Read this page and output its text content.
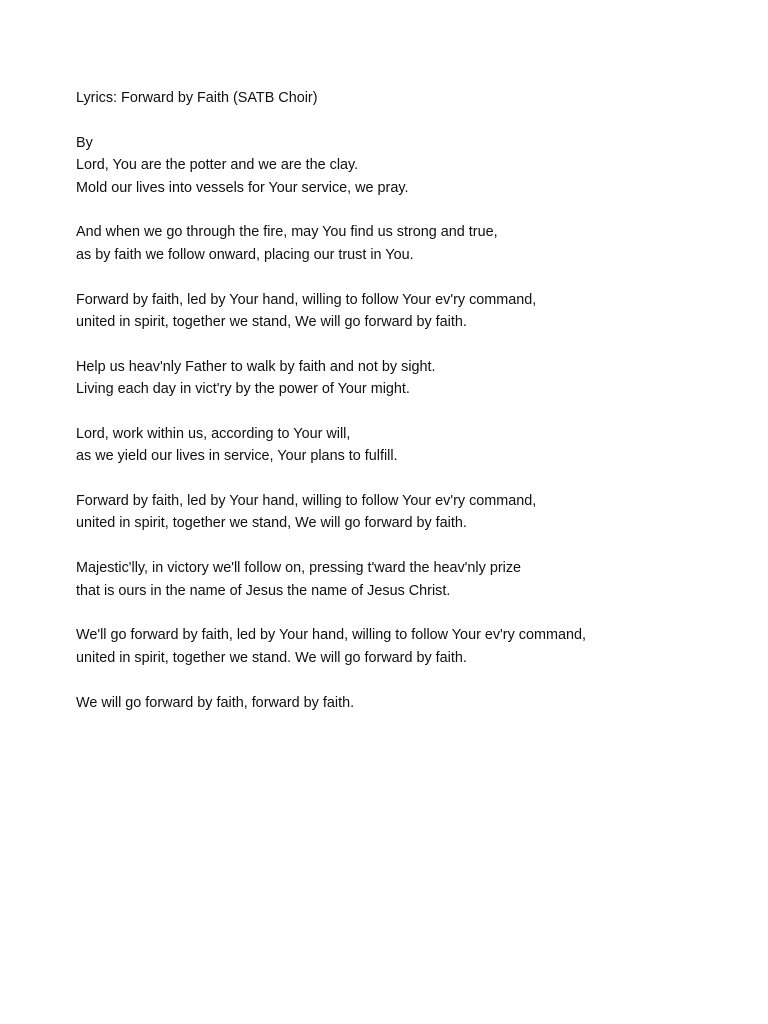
Lyrics: Forward by Faith (SATB Choir)
By
Lord, You are the potter and we are the clay.
Mold our lives into vessels for Your service, we pray.
And when we go through the fire, may You find us strong and true,
as by faith we follow onward, placing our trust in You.
Forward by faith, led by Your hand, willing to follow Your ev'ry command,
united in spirit, together we stand, We will go forward by faith.
Help us heav'nly Father to walk by faith and not by sight.
Living each day in vict'ry by the power of Your might.
Lord, work within us, according to Your will,
as we yield our lives in service, Your plans to fulfill.
Forward by faith, led by Your hand, willing to follow Your ev'ry command,
united in spirit, together we stand, We will go forward by faith.
Majestic'lly, in victory we'll follow on, pressing t'ward the heav'nly prize
that is ours in the name of Jesus the name of Jesus Christ.
We'll go forward by faith, led by Your hand, willing to follow Your ev'ry command,
united in spirit, together we stand. We will go forward by faith.
We will go forward by faith, forward by faith.
